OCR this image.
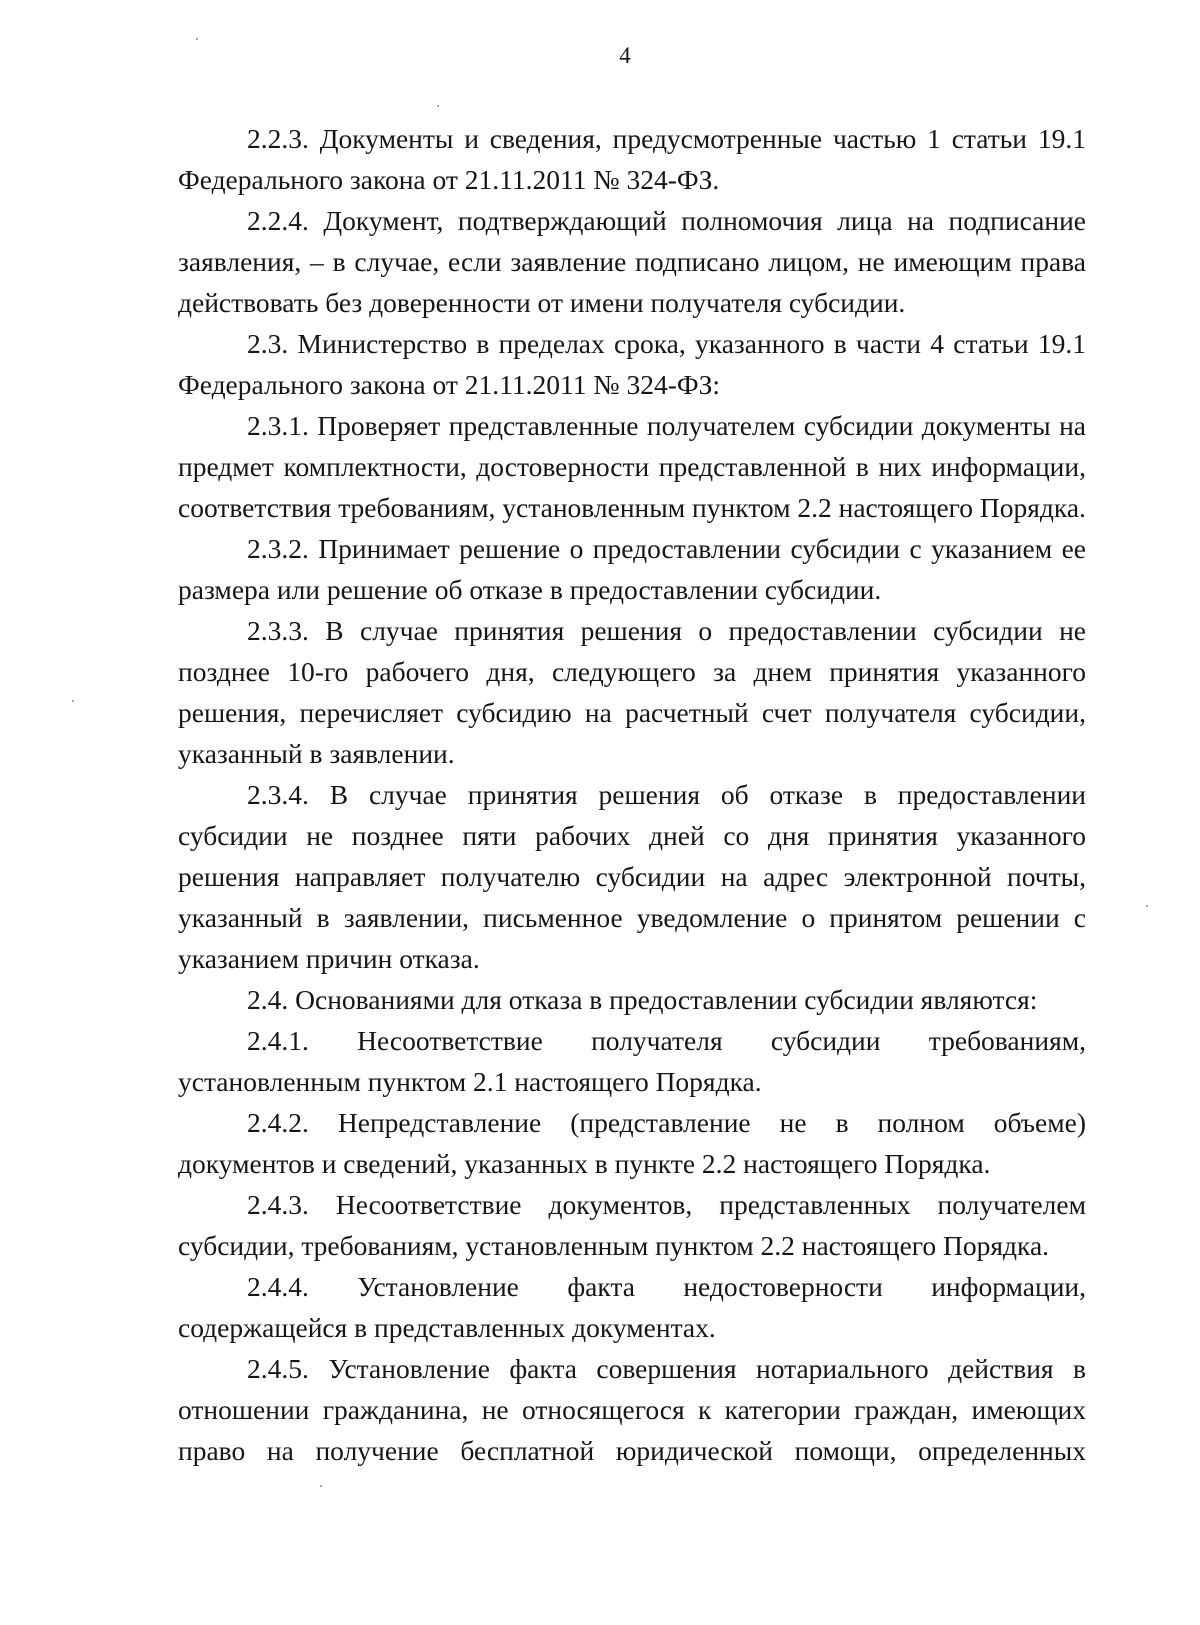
4

2.2.3. Документы и сведения, предусмотренные частью 1 статьи 19.1 Федерального закона от 21.11.2011 № 324-ФЗ.

2.2.4. Документ, подтверждающий полномочия лица на подписание заявления, – в случае, если заявление подписано лицом, не имеющим права действовать без доверенности от имени получателя субсидии.

2.3. Министерство в пределах срока, указанного в части 4 статьи 19.1 Федерального закона от 21.11.2011 № 324-ФЗ:

2.3.1. Проверяет представленные получателем субсидии документы на предмет комплектности, достоверности представленной в них информации, соответствия требованиям, установленным пунктом 2.2 настоящего Порядка.

2.3.2. Принимает решение о предоставлении субсидии с указанием ее размера или решение об отказе в предоставлении субсидии.

2.3.3. В случае принятия решения о предоставлении субсидии не позднее 10-го рабочего дня, следующего за днем принятия указанного решения, перечисляет субсидию на расчетный счет получателя субсидии, указанный в заявлении.

2.3.4. В случае принятия решения об отказе в предоставлении субсидии не позднее пяти рабочих дней со дня принятия указанного решения направляет получателю субсидии на адрес электронной почты, указанный в заявлении, письменное уведомление о принятом решении с указанием причин отказа.

2.4. Основаниями для отказа в предоставлении субсидии являются:

2.4.1. Несоответствие получателя субсидии требованиям, установленным пунктом 2.1 настоящего Порядка.

2.4.2. Непредставление (представление не в полном объеме) документов и сведений, указанных в пункте 2.2 настоящего Порядка.

2.4.3. Несоответствие документов, представленных получателем субсидии, требованиям, установленным пунктом 2.2 настоящего Порядка.

2.4.4. Установление факта недостоверности информации, содержащейся в представленных документах.

2.4.5. Установление факта совершения нотариального действия в отношении гражданина, не относящегося к категории граждан, имеющих право на получение бесплатной юридической помощи, определенных
